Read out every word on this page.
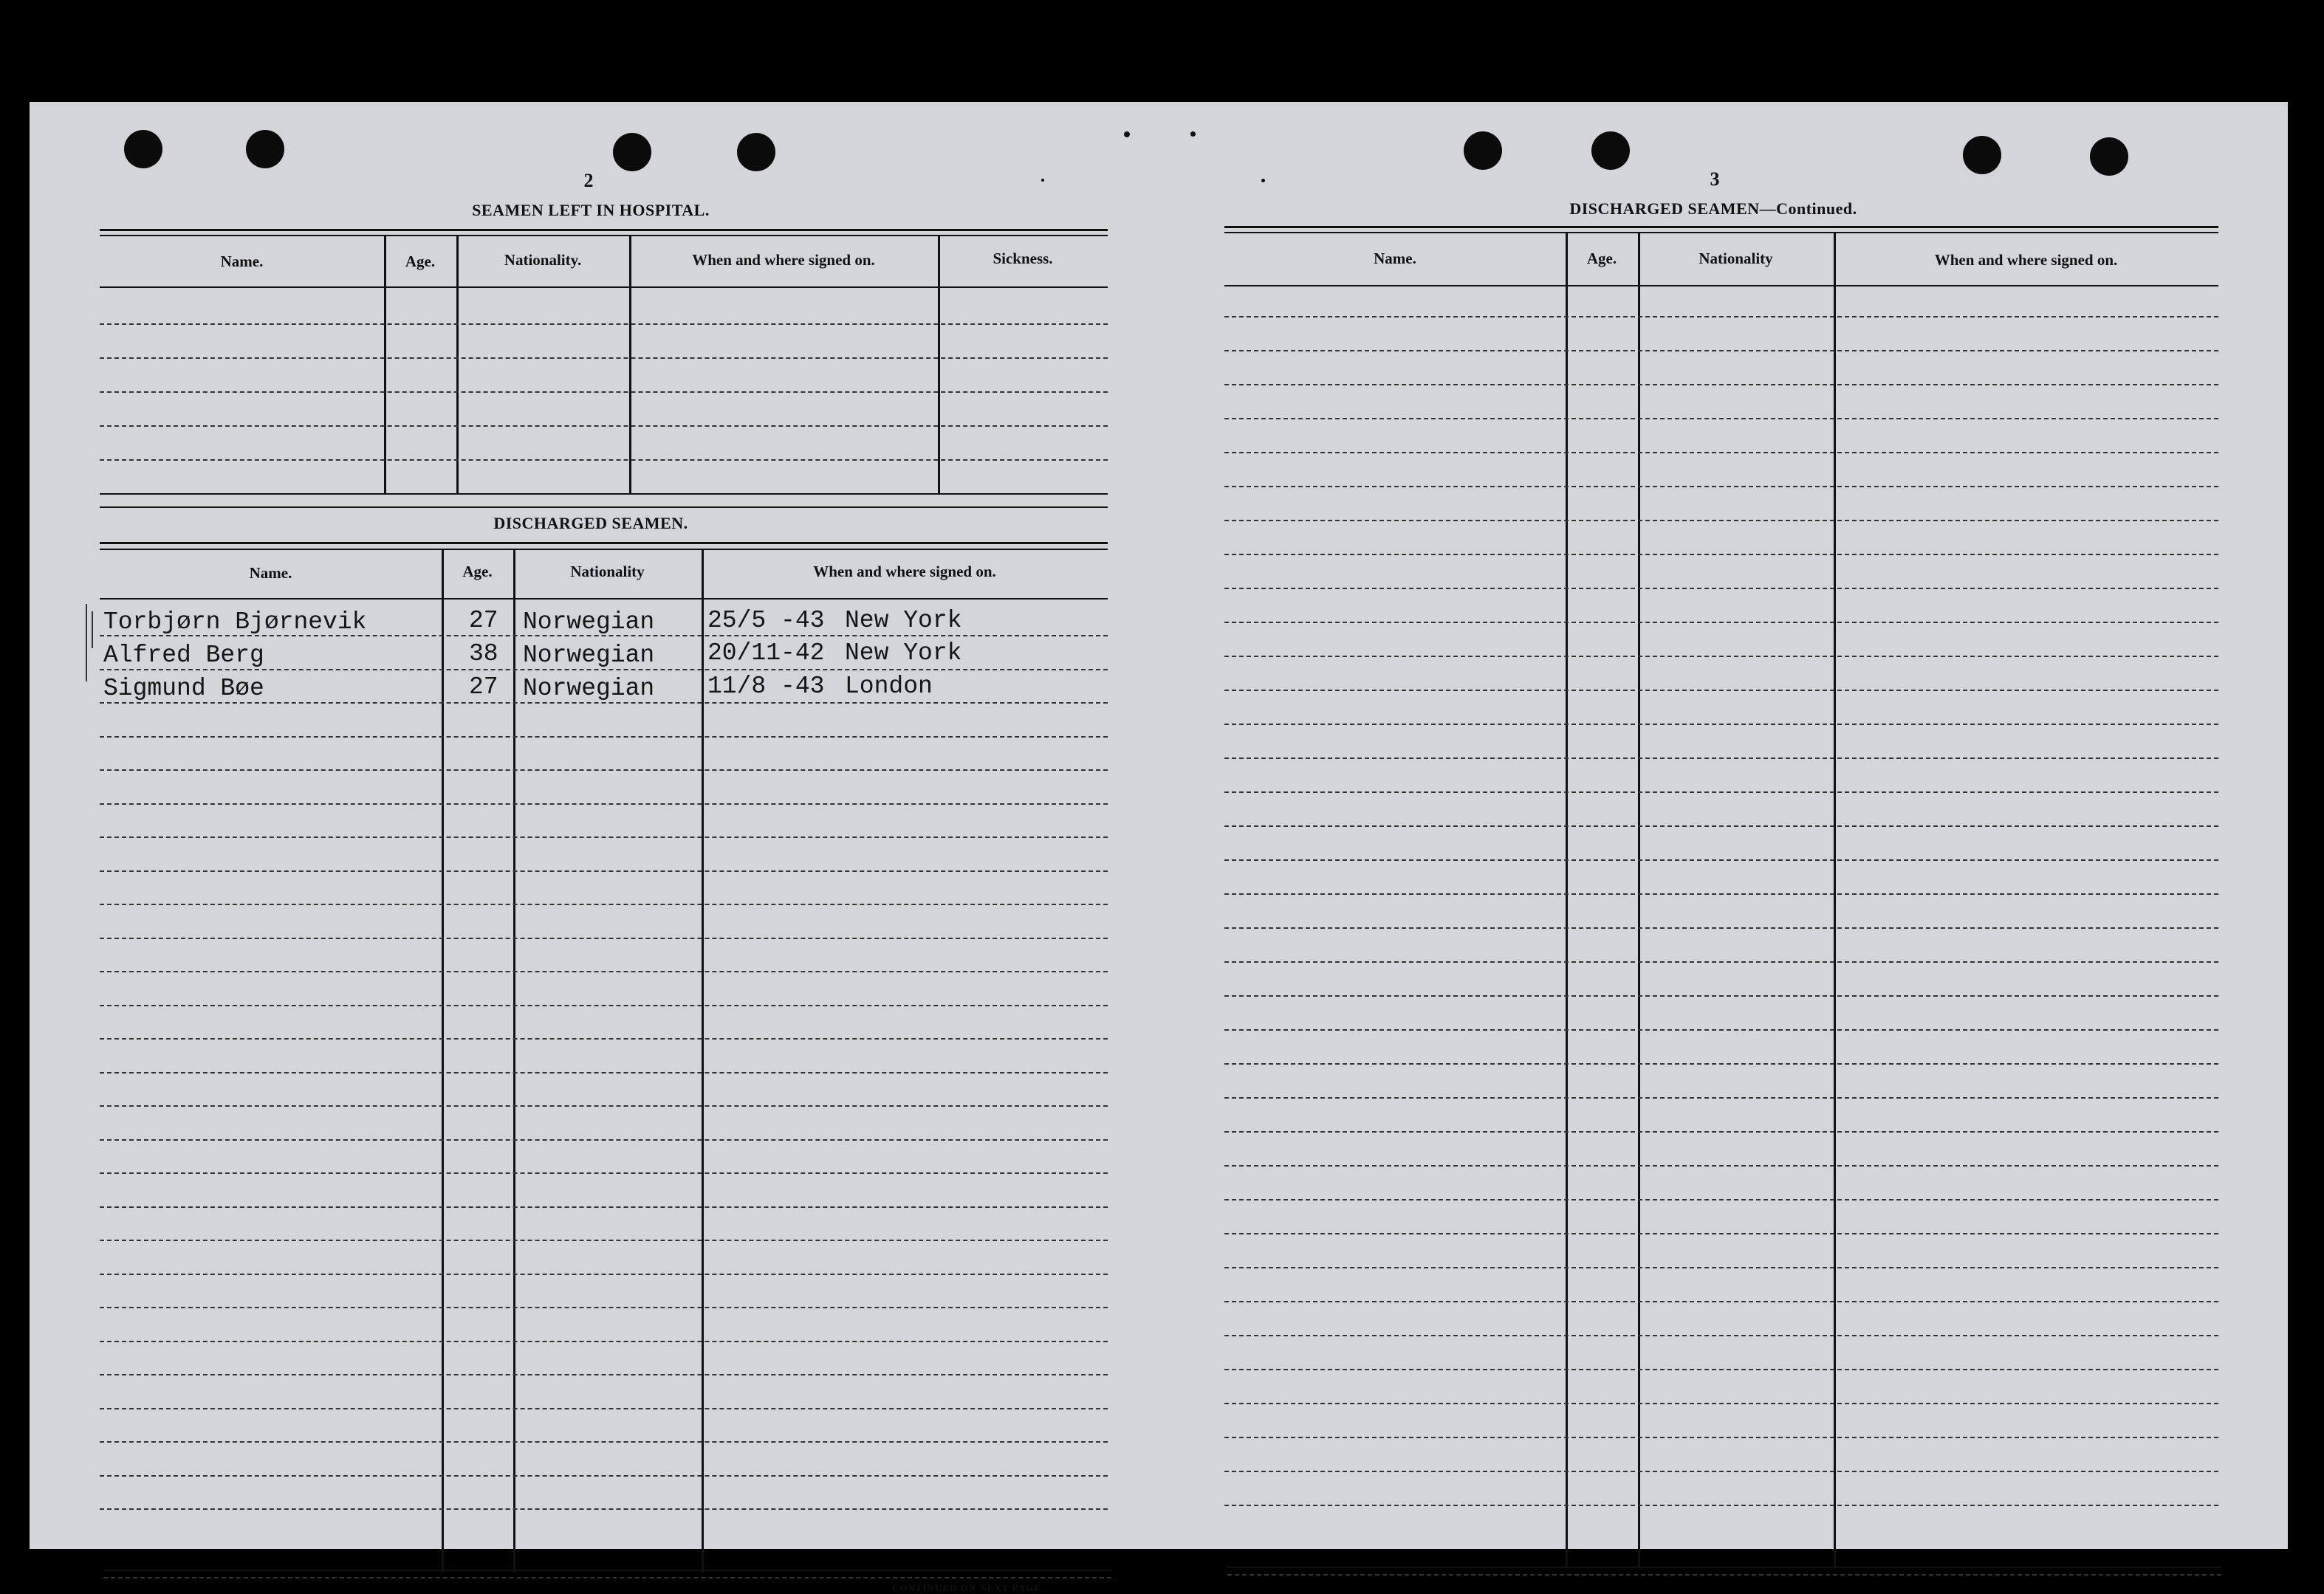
2
SEAMEN LEFT IN HOSPITAL.
Name.	Age.	Nationality.	When and where signed on.	Sickness.
DISCHARGED SEAMEN.
Name.	Age.	Nationality	When and where signed on.
Torbjørn Bjørnevik	27 Norwegian 25/5 -43 New York
Alfred Berg	38 Norwegian 20/11-42 New York
Sigmund Bøe	27 Norwegian 11/8 -43 London
CONTINUED ON NEXT PAGE.
3
DISCHARGED SEAMEN—Continued.
Name.	Age.	Nationality	When and where signed on.
